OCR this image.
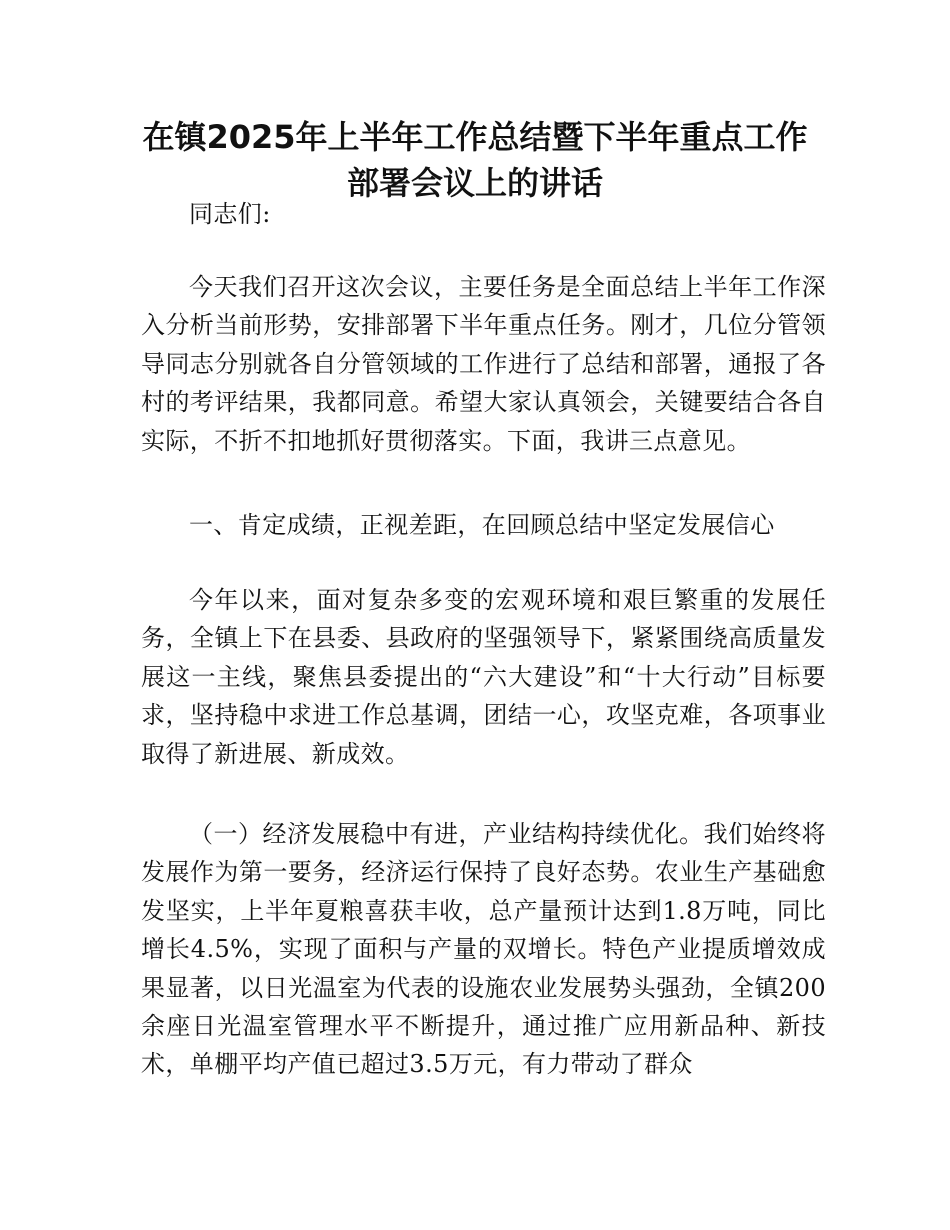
在镇2025年上半年工作总结暨下半年重点工作
部署会议上的讲话

同志们:

今天我们召开这次会议，主要任务是全面总结上半年工作深入分析当前形势，安排部署下半年重点任务。刚才，几位分管领导同志分别就各自分管领域的工作进行了总结和部署，通报了各村的考评结果，我都同意。希望大家认真领会，关键要结合各自实际，不折不扣地抓好贯彻落实。下面，我讲三点意见。

一、肯定成绩，正视差距，在回顾总结中坚定发展信心

今年以来，面对复杂多变的宏观环境和艰巨繁重的发展任务，全镇上下在县委、县政府的坚强领导下，紧紧围绕高质量发展这一主线，聚焦县委提出的“六大建设”和“十大行动”目标要求，坚持稳中求进工作总基调，团结一心，攻坚克难，各项事业取得了新进展、新成效。

（一）经济发展稳中有进，产业结构持续优化。我们始终将发展作为第一要务，经济运行保持了良好态势。农业生产基础愈发坚实，上半年夏粮喜获丰收，总产量预计达到1.8万吨，同比增长4.5%，实现了面积与产量的双增长。特色产业提质增效成果显著，以日光温室为代表的设施农业发展势头强劲，全镇200余座日光温室管理水平不断提升，通过推广应用新品种、新技术，单棚平均产值已超过3.5万元，有力带动了群众
